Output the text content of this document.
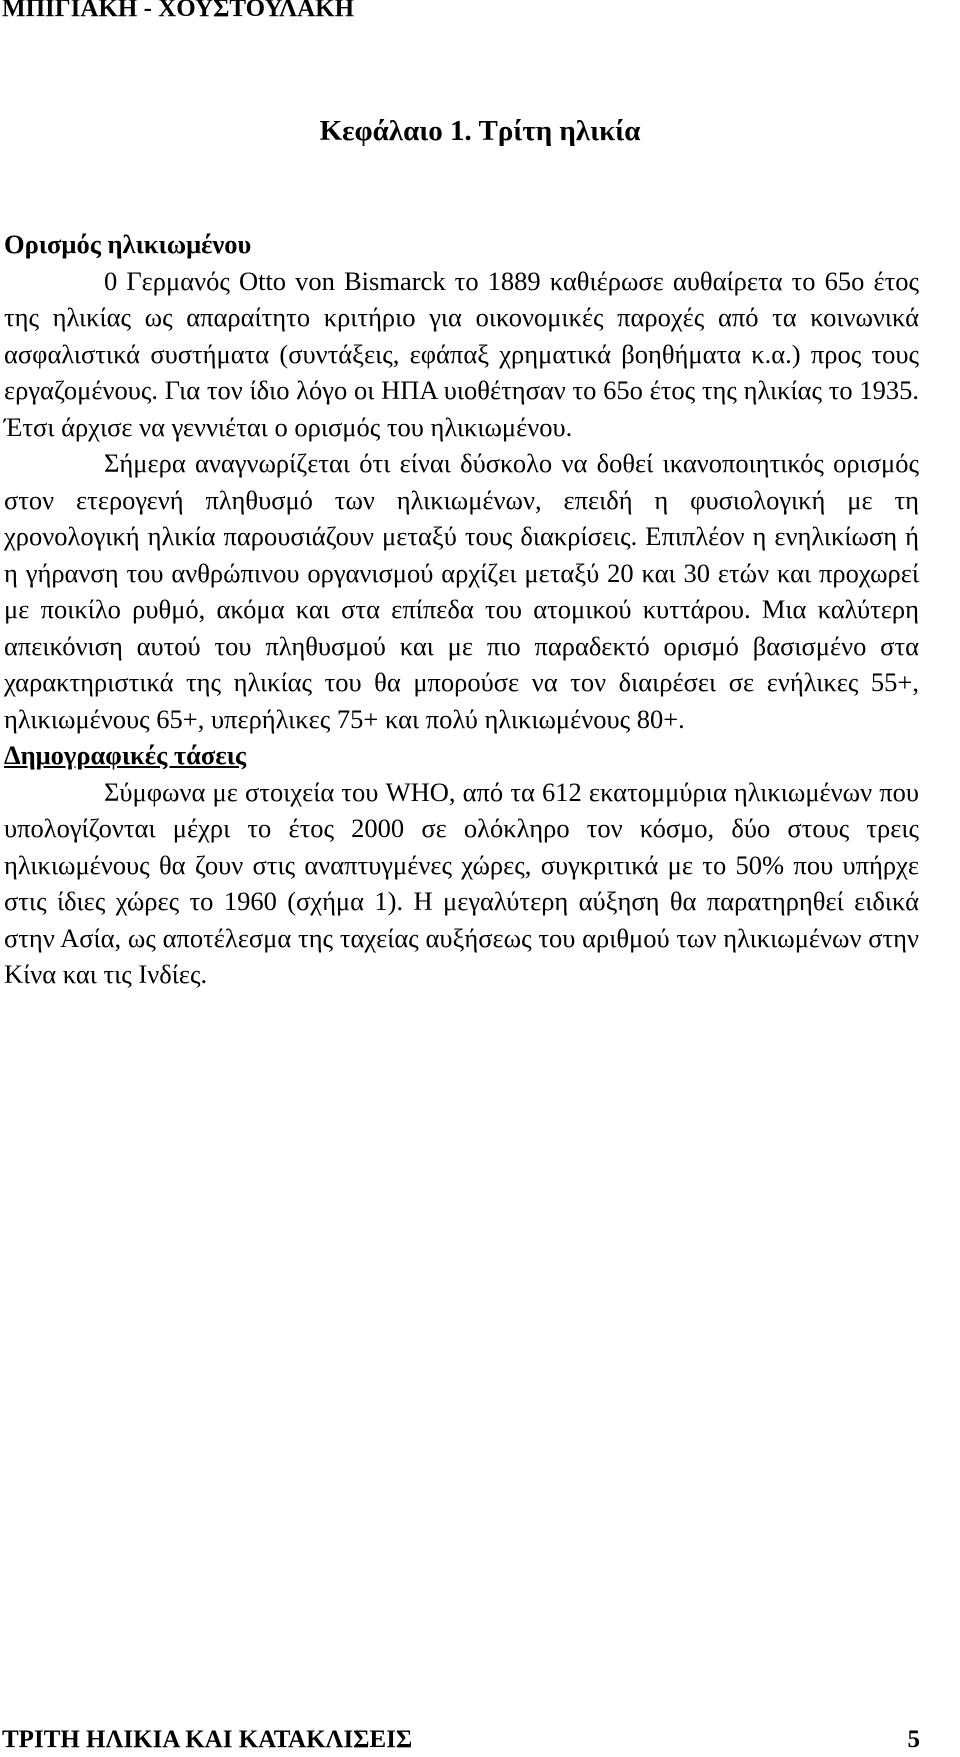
ΜΠΙΓΙΑΚΗ - ΧΟΥΣΤΟΥΛΑΚΗ
Κεφάλαιο 1. Τρίτη ηλικία

Ορισμός ηλικιωμένου

0 Γερμανός Otto von Bismarck το 1889 καθιέρωσε αυθαίρετα το 65ο έτος της ηλικίας ως απαραίτητο κριτήριο για οικονομικές παροχές από τα κοινωνικά ασφαλιστικά συστήματα (συντάξεις, εφάπαξ χρηματικά βοηθήματα κ.α.) προς τους εργαζομένους. Για τον ίδιο λόγο οι ΗΠΑ υιοθέτησαν το 65ο έτος της ηλικίας το 1935. Έτσι άρχισε να γεννιέται ο ορισμός του ηλικιωμένου.

Σήμερα αναγνωρίζεται ότι είναι δύσκολο να δοθεί ικανοποιητικός ορισμός στον ετερογενή πληθυσμό των ηλικιωμένων, επειδή η φυσιολογική με τη χρονολογική ηλικία παρουσιάζουν μεταξύ τους διακρίσεις. Επιπλέον η ενηλικίωση ή η γήρανση του ανθρώπινου οργανισμού αρχίζει μεταξύ 20 και 30 ετών και προχωρεί με ποικίλο ρυθμό, ακόμα και στα επίπεδα του ατομικού κυττάρου. Μια καλύτερη απεικόνιση αυτού του πληθυσμού και με πιο παραδεκτό ορισμό βασισμένο στα χαρακτηριστικά της ηλικίας του θα μπορούσε να τον διαιρέσει σε ενήλικες 55+, ηλικιωμένους 65+, υπερήλικες 75+ και πολύ ηλικιωμένους 80+.

Δημογραφικές τάσεις

Σύμφωνα με στοιχεία του WHO, από τα 612 εκατομμύρια ηλικιωμένων που υπολογίζονται μέχρι το έτος 2000 σε ολόκληρο τον κόσμο, δύο στους τρεις ηλικιωμένους θα ζουν στις αναπτυγμένες χώρες, συγκριτικά με το 50% που υπήρχε στις ίδιες χώρες το 1960 (σχήμα 1). Η μεγαλύτερη αύξηση θα παρατηρηθεί ειδικά στην Ασία, ως αποτέλεσμα της ταχείας αυξήσεως του αριθμού των ηλικιωμένων στην Κίνα και τις Ινδίες.

ΤΡΙΤΗ ΗΛΙΚΙΑ ΚΑΙ ΚΑΤΑΚΛΙΣΕΙΣ	5
